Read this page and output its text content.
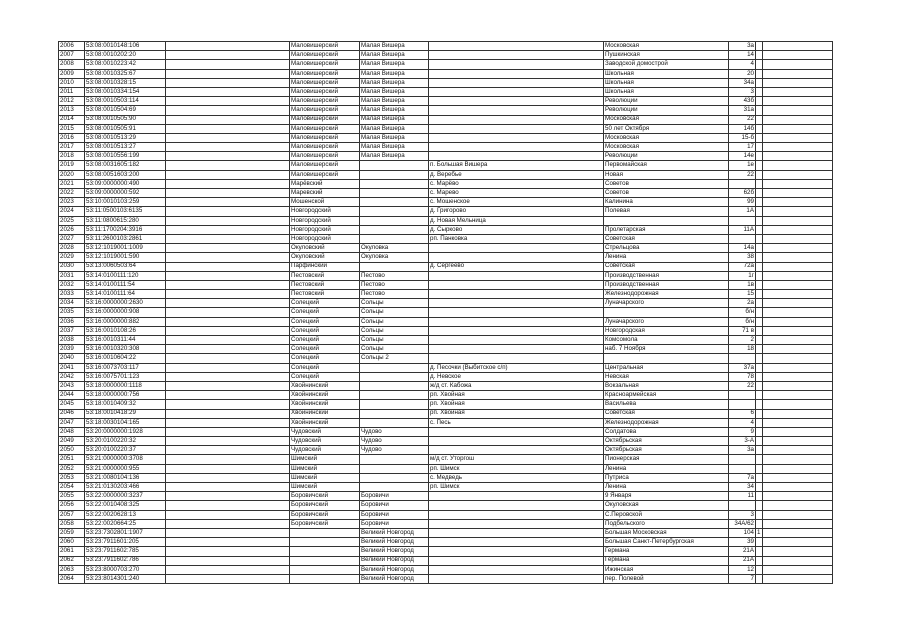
2006	53:08:0010148:106		Маловишерский	Малая Вишера		Московская	3а		
2007	53:08:0010202:20		Маловишерский	Малая Вишера		Пушкинская	14		
2008	53:08:0010223:42		Маловишерский	Малая Вишера		Заводской домострой	4		
2009	53:08:0010325:67		Маловишерский	Малая Вишера		Школьная	20		
2010	53:08:0010328:15		Маловишерский	Малая Вишера		Школьная	34а		
2011	53:08:0010334:154		Маловишерский	Малая Вишера		Школьная	3		
2012	53:08:0010503:114		Маловишерский	Малая Вишера		Революции	43б		
2013	53:08:0010504:69		Маловишерский	Малая Вишера		Революции	31а		
2014	53:08:0010505:90		Маловишерский	Малая Вишера		Московская	22		
2015	53:08:0010505:91		Маловишерский	Малая Вишера		50 лет Октября	14б		
2016	53:08:0010513:29		Маловишерский	Малая Вишера		Московская	15-б		
2017	53:08:0010513:27		Маловишерский	Малая Вишера		Московская	17		
2018	53:08:0010556:199		Маловишерский	Малая Вишера		Революции	14е		
2019	53:08:0031605:182		Маловишерский		п. Большая Вишера	Первомайская	1е		
2020	53:08:0051603:200		Маловишерский		д. Веребье	Новая	22		
2021	53:09:0000000:490		Марёвский		с. Марёво	Советов			
2022	53:09:0000000:592		Маревский		с. Марево	Советов	62б		
2023	53:10:0010103:259		Мошенской		с. Мошенское	Калинина	99		
2024	53:11:0500103:6135		Новгородский		д. Григорово	Полевая	1А		
2025	53:11:0800615:280		Новгородский		д. Новая Мельница				
2026	53:11:1700204:3916		Новгородский		д. Сырково	Пролетарская	11А		
2027	53:11:2600103:2861		Новгородский		рп. Панковка	Советская			
2028	53:12:1019001:1009		Окуловский	Окуловка		Стрельцова	14а		
2029	53:12:1019001:590		Окуловский	Окуловка		Ленина	38		
2030	53:13:0060503:64		Парфинский		д. Сергеево	Советская	72а		
2031	53:14:0100111:120		Пестовский	Пестово		Производственная	1г		
2032	53:14:0100111:54		Пестовский	Пестово		Производственная	1в		
2033	53:14:0100111:64		Пестовский	Пестово		Железнодорожная	15		
2034	53:16:0000000:2630		Солецкий	Сольцы		Луначарского	2а		
2035	53:16:0000000:908		Солецкий	Сольцы			б/н		
2036	53:16:0000000:882		Солецкий	Сольцы		Луначарского	б/н		
2037	53:16:0010108:26		Солецкий	Сольцы		Новгородская	71 в		
2038	53:16:0010311:44		Солецкий	Сольцы		Комсомола	2		
2039	53:16:0010320:308		Солецкий	Сольцы		наб. 7 Ноября	18		
2040	53:16:0010604:22		Солецкий	Сольцы 2					
2041	53:16:0073703:117		Солецкий		д. Песочки (Выбитское с/п)	Центральная	37а		
2042	53:16:0075701:123		Солецкий		д. Невское	Невская	78		
2043	53:18:0000000:1118		Хвойнинский		ж/д ст. Кабожа	Вокзальная	22		
2044	53:18:0000000:756		Хвойнинский		рп. Хвойная	Красноармейская			
2045	53:18:0010409:32		Хвойнинский		рп. Хвойная	Васильева			
2046	53:18:0010418:29		Хвойнинский		рп. Хвойная	Советская	6		
2047	53:18:0030104:165		Хвойнинский		с. Песь	Железнодорожная	4		
2048	53:20:0000000:1928		Чудовский	Чудово		Солдатова	9		
2049	53:20:0100220:32		Чудовский	Чудово		Октябрьская	3-А		
2050	53:20:0100220:37		Чудовский	Чудово		Октябрьская	3а		
2051	53:21:0000000:3708		Шимский		м/д ст. Уторгош	Пионерская			
2052	53:21:0000000:955		Шимский		рп. Шимск	Ленина			
2053	53:21:0080104:136		Шимский		с. Медведь	Путриса	7а		
2054	53:21:0130203:466		Шимский		рп. Шимск	Ленина	34		
2055	53:22:0000000:3237		Боровичский	Боровичи		9 Января	11		
2056	53:22:0010408:325		Боровичский	Боровичи		Окуловская			
2057	53:22:0020628:13		Боровичский	Боровичи		С.Перовской	3		
2058	53:22:0020664:25		Боровичский	Боровичи		Подбельского	34А/62		
2059	53:23:7302801:1907			Великий Новгород		Большая Московская	104	1	
2060	53:23:7911601:205			Великий Новгород		Большая Санкт-Петербургская	39		
2061	53:23:7911602:785			Великий Новгород		Германа	21А		
2062	53:23:7911602:786			Великий Новгород		Германа	21А		
2063	53:23:8000703:270			Великий Новгород		Ижинская	12		
2064	53:23:8014301:240			Великий Новгород		пер. Полевой	7		
